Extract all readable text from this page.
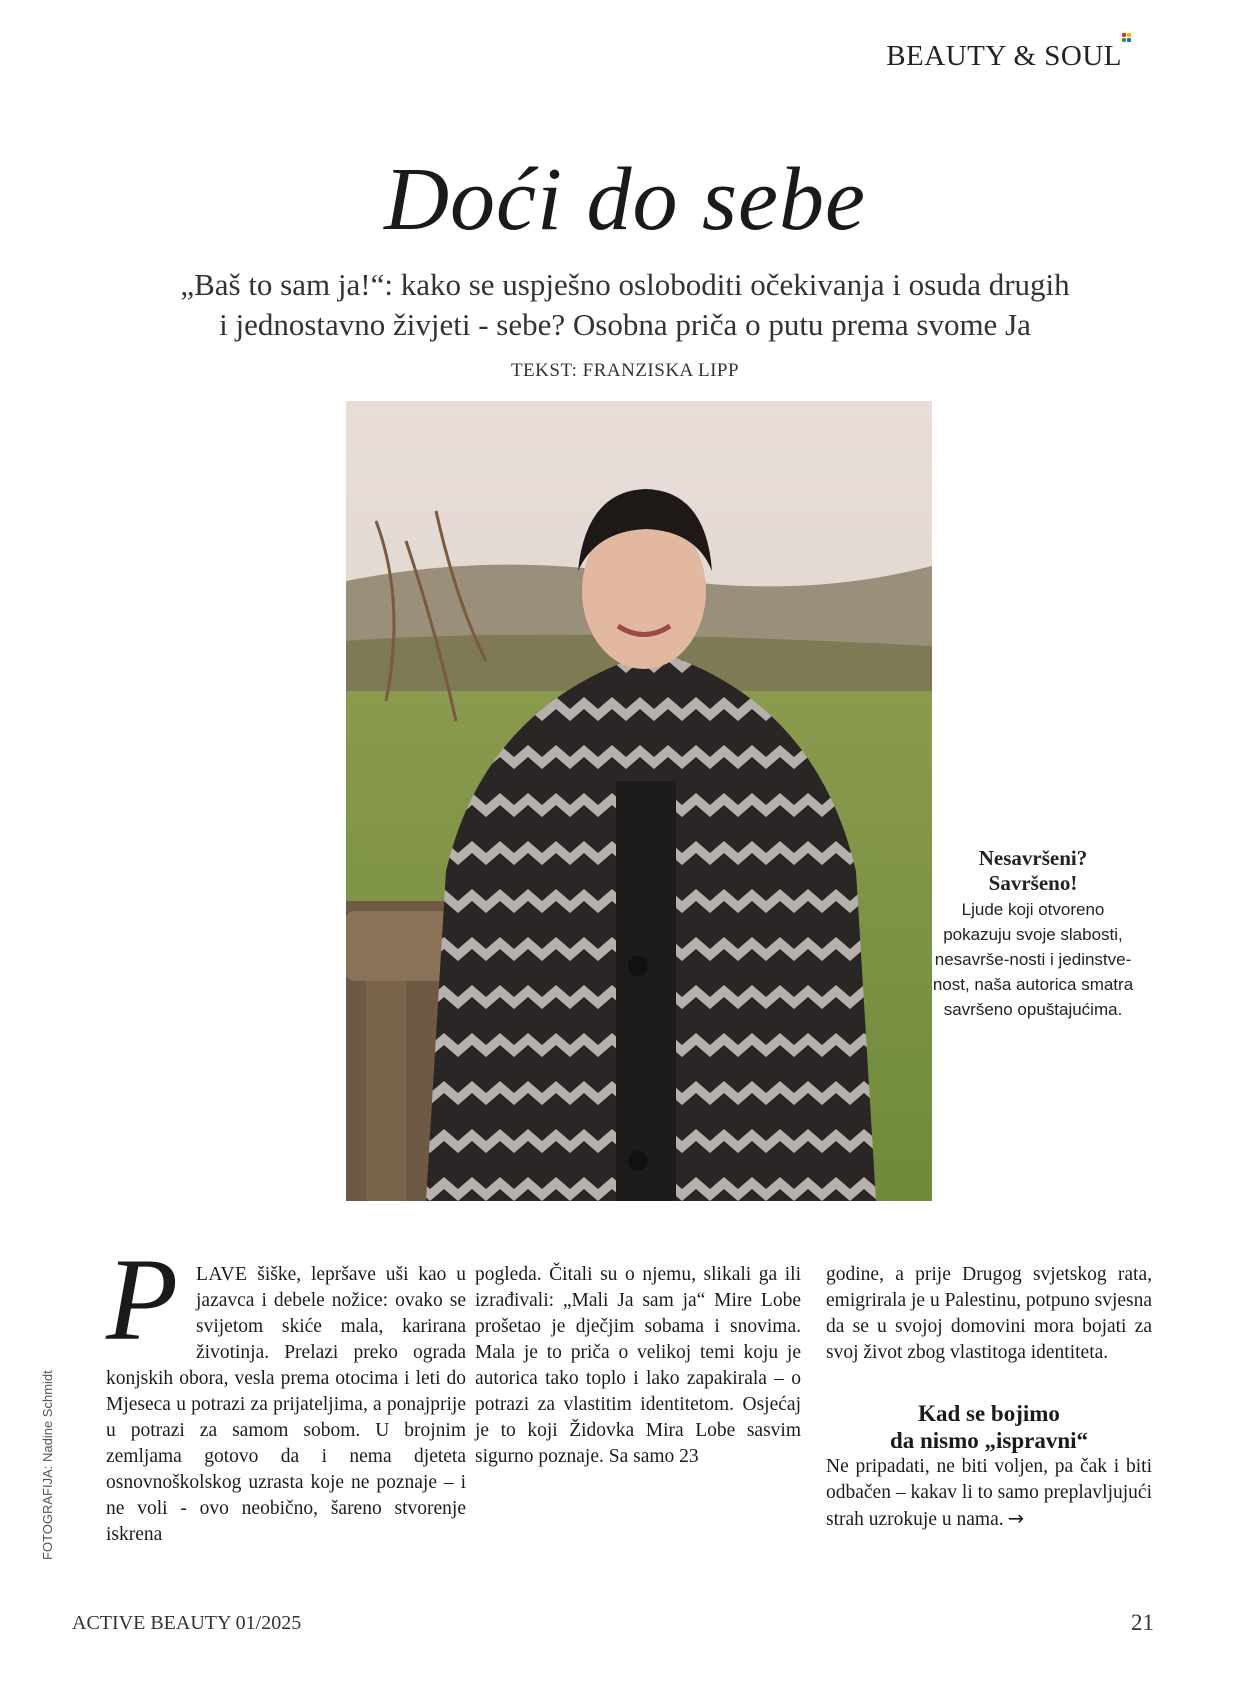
BEAUTY & SOUL
Doći do sebe
„Baš to sam ja!“: kako se uspješno osloboditi očekivanja i osuda drugih
i jednostavno živjeti - sebe? Osobna priča o putu prema svome Ja
TEKST: FRANZISKA LIPP
Nesavršeni?
Savršeno!
Ljude koji otvoreno pokazuju svoje slabosti, nesavrše-nosti i jedinstve-nost, naša autorica smatra savršeno opuštajućima.
FOTOGRAFIJA: Nadine Schmidt

PLAVE šiške, lepršave uši kao u jazavca i debele nožice: ovako se svijetom skiće mala, karirana životinja. Prelazi preko ograda konjskih obora, vesla prema otocima i leti do Mjeseca u potrazi za prijateljima, a ponajprije u potrazi za samom sobom. U brojnim zemljama gotovo da i nema djeteta osnovnoškolskog uzrasta koje ne poznaje – i ne voli - ovo neobično, šareno stvorenje iskrena

pogleda. Čitali su o njemu, slikali ga ili izrađivali: „Mali Ja sam ja“ Mire Lobe prošetao je dječjim sobama i snovima. Mala je to priča o velikoj temi koju je autorica tako toplo i lako zapakirala – o potrazi za vlastitim identitetom. Osjećaj je to koji Židovka Mira Lobe sasvim sigurno poznaje. Sa samo 23

godine, a prije Drugog svjetskog rata, emigrirala je u Palestinu, potpuno svjesna da se u svojoj domovini mora bojati za svoj život zbog vlastitoga identiteta.

Kad se bojimo
da nismo „ispravni“

Ne pripadati, ne biti voljen, pa čak i biti odbačen – kakav li to samo preplavljujući strah uzrokuje u nama. →

ACTIVE BEAUTY 01/2025	21
